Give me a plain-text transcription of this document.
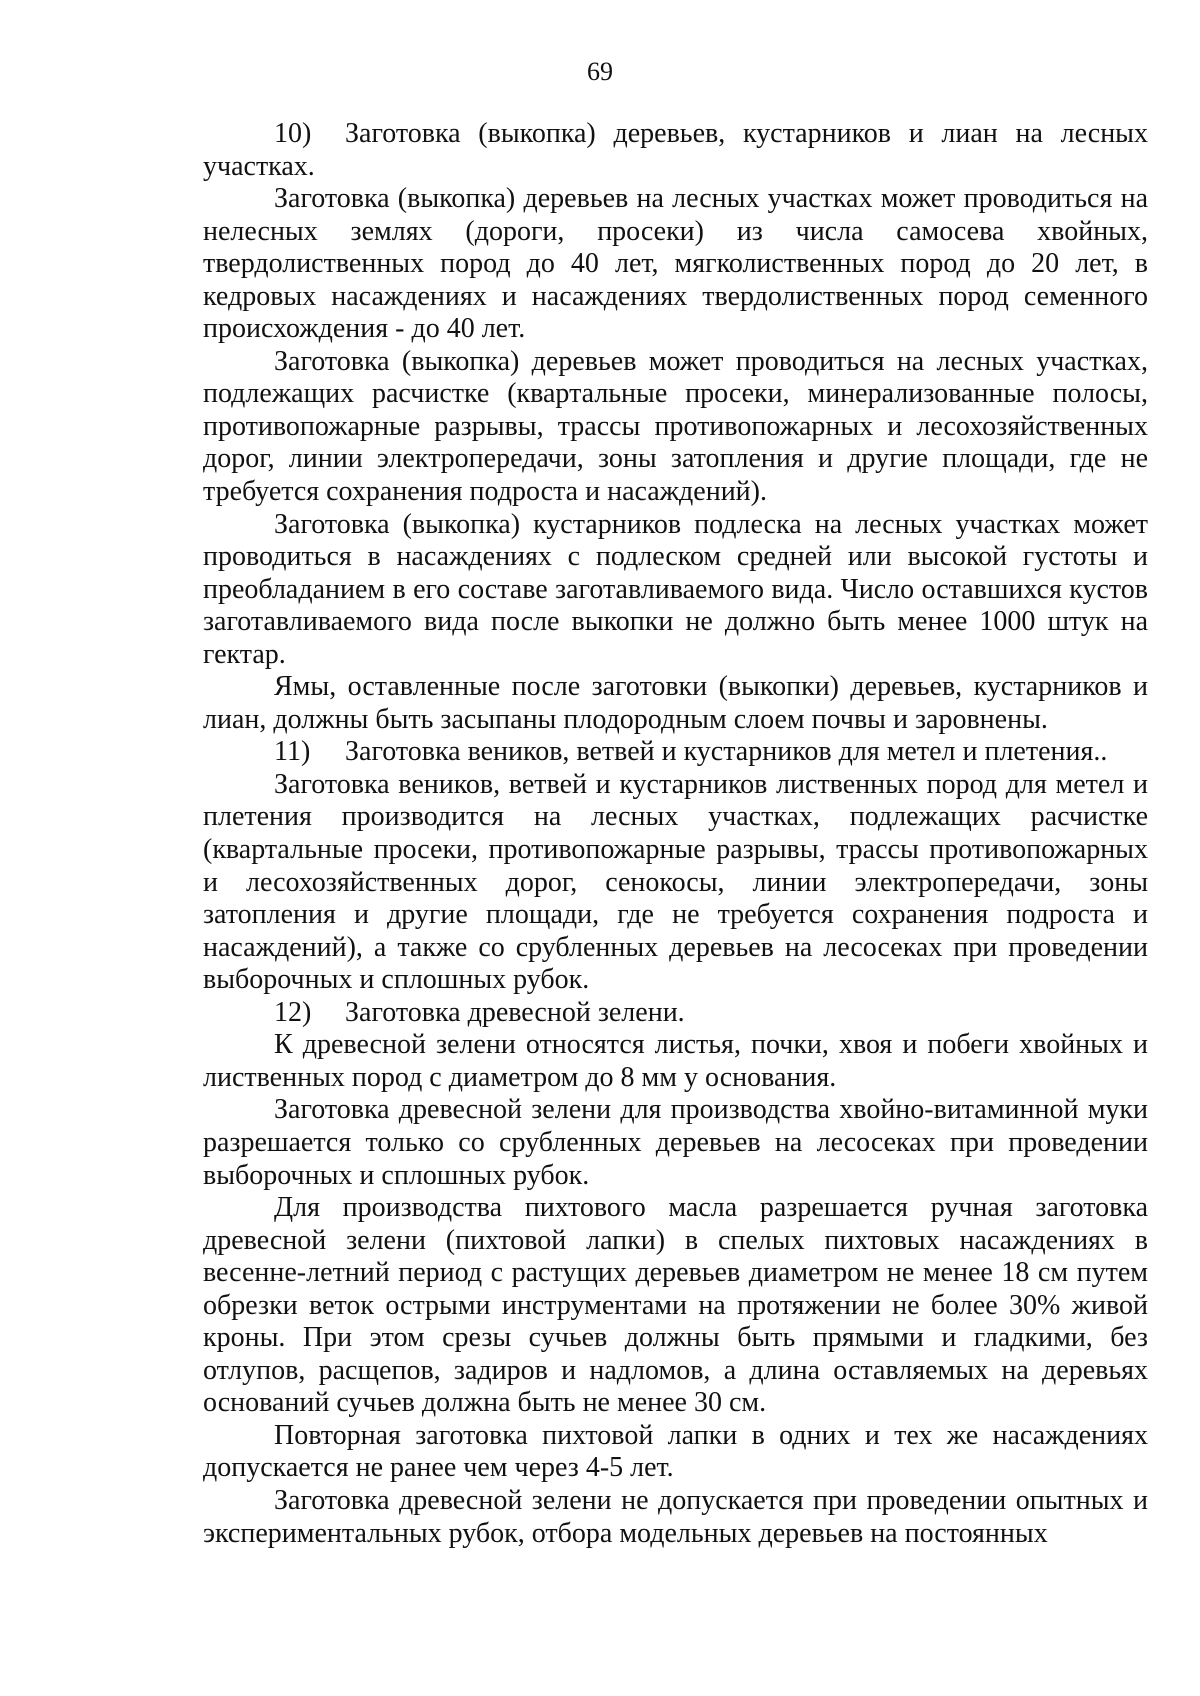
69

10) Заготовка (выкопка) деревьев, кустарников и лиан на лесных участках.

Заготовка (выкопка) деревьев на лесных участках может проводиться на нелесных землях (дороги, просеки) из числа самосева хвойных, твердолиственных пород до 40 лет, мягколиственных пород до 20 лет, в кедровых насаждениях и насаждениях твердолиственных пород семенного происхождения - до 40 лет.

Заготовка (выкопка) деревьев может проводиться на лесных участках, подлежащих расчистке (квартальные просеки, минерализованные полосы, противопожарные разрывы, трассы противопожарных и лесохозяйственных дорог, линии электропередачи, зоны затопления и другие площади, где не требуется сохранения подроста и насаждений).

Заготовка (выкопка) кустарников подлеска на лесных участках может проводиться в насаждениях с подлеском средней или высокой густоты и преобладанием в его составе заготавливаемого вида. Число оставшихся кустов заготавливаемого вида после выкопки не должно быть менее 1000 штук на гектар.

Ямы, оставленные после заготовки (выкопки) деревьев, кустарников и лиан, должны быть засыпаны плодородным слоем почвы и заровнены.

11) Заготовка веников, ветвей и кустарников для метел и плетения..

Заготовка веников, ветвей и кустарников лиственных пород для метел и плетения производится на лесных участках, подлежащих расчистке (квартальные просеки, противопожарные разрывы, трассы противопожарных и лесохозяйственных дорог, сенокосы, линии электропередачи, зоны затопления и другие площади, где не требуется сохранения подроста и насаждений), а также со срубленных деревьев на лесосеках при проведении выборочных и сплошных рубок.

12) Заготовка древесной зелени.

К древесной зелени относятся листья, почки, хвоя и побеги хвойных и лиственных пород с диаметром до 8 мм у основания.

Заготовка древесной зелени для производства хвойно-витаминной муки разрешается только со срубленных деревьев на лесосеках при проведении выборочных и сплошных рубок.

Для производства пихтового масла разрешается ручная заготовка древесной зелени (пихтовой лапки) в спелых пихтовых насаждениях в весенне-летний период с растущих деревьев диаметром не менее 18 см путем обрезки веток острыми инструментами на протяжении не более 30% живой кроны. При этом срезы сучьев должны быть прямыми и гладкими, без отлупов, расщепов, задиров и надломов, а длина оставляемых на деревьях оснований сучьев должна быть не менее 30 см.

Повторная заготовка пихтовой лапки в одних и тех же насаждениях допускается не ранее чем через 4-5 лет.

Заготовка древесной зелени не допускается при проведении опытных и экспериментальных рубок, отбора модельных деревьев на постоянных
